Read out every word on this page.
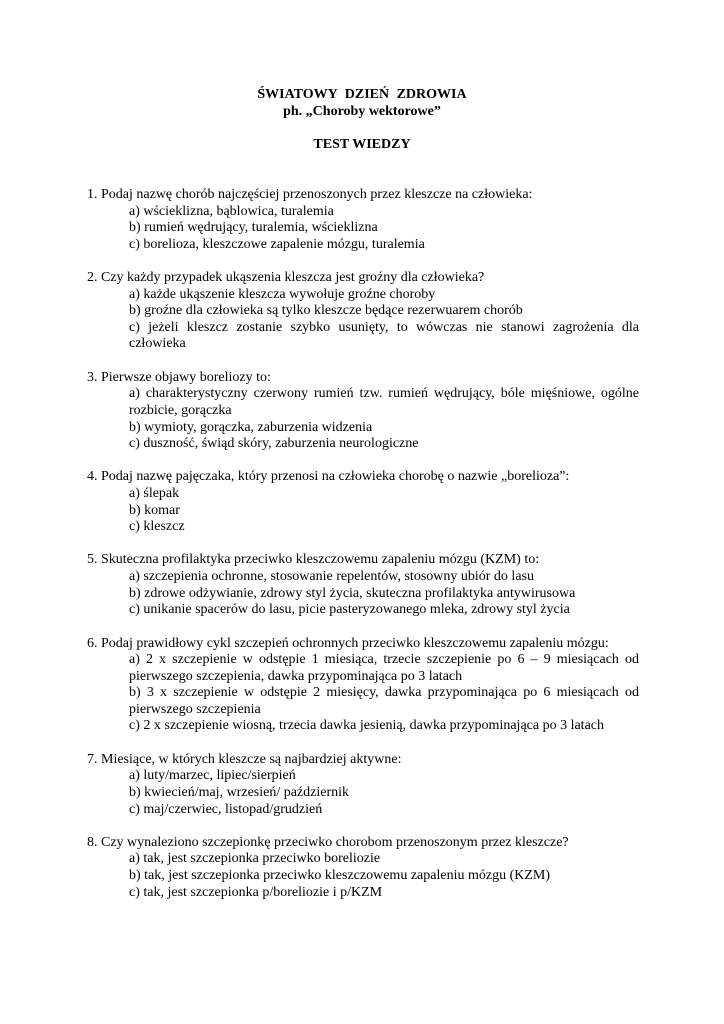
ŚWIATOWY DZIEŃ ZDROWIA
ph. „Choroby wektorowe”
TEST WIEDZY

1. Podaj nazwę chorób najczęściej przenoszonych przez kleszcze na człowieka:

a) wścieklizna, bąblowica, turalemia

b) rumień wędrujący, turalemia, wścieklizna

c) borelioza, kleszczowe zapalenie mózgu, turalemia

2. Czy każdy przypadek ukąszenia kleszcza jest groźny dla człowieka?

a) każde ukąszenie kleszcza wywołuje groźne choroby

b) groźne dla człowieka są tylko kleszcze będące rezerwuarem chorób

c) jeżeli kleszcz zostanie szybko usunięty, to wówczas nie stanowi zagrożenia dla człowieka

3. Pierwsze objawy boreliozy to:

a) charakterystyczny czerwony rumień tzw. rumień wędrujący, bóle mięśniowe, ogólne rozbicie, gorączka

b) wymioty, gorączka, zaburzenia widzenia

c) duszność, świąd skóry, zaburzenia neurologiczne

4. Podaj nazwę pajęczaka, który przenosi na człowieka chorobę o nazwie „borelioza”:

a) ślepak

b) komar

c) kleszcz

5. Skuteczna profilaktyka przeciwko kleszczowemu zapaleniu mózgu (KZM) to:

a) szczepienia ochronne, stosowanie repelentów, stosowny ubiór do lasu

b) zdrowe odżywianie, zdrowy styl życia, skuteczna profilaktyka antywirusowa

c) unikanie spacerów do lasu, picie pasteryzowanego mleka, zdrowy styl życia

6. Podaj prawidłowy cykl szczepień ochronnych przeciwko kleszczowemu zapaleniu mózgu:

a) 2 x szczepienie w odstępie 1 miesiąca, trzecie szczepienie po 6 – 9 miesiącach od pierwszego szczepienia, dawka przypominająca po 3 latach

b) 3 x szczepienie w odstępie 2 miesięcy, dawka przypominająca po 6 miesiącach od pierwszego szczepienia

c) 2 x szczepienie wiosną, trzecia dawka jesienią, dawka przypominająca po 3 latach

7. Miesiące, w których kleszcze są najbardziej aktywne:

a) luty/marzec, lipiec/sierpień

b) kwiecień/maj, wrzesień/ październik

c) maj/czerwiec, listopad/grudzień

8. Czy wynaleziono szczepionkę przeciwko chorobom przenoszonym przez kleszcze?

a) tak, jest szczepionka przeciwko boreliozie

b) tak, jest szczepionka przeciwko kleszczowemu zapaleniu mózgu (KZM)

c) tak, jest szczepionka p/boreliozie i p/KZM
